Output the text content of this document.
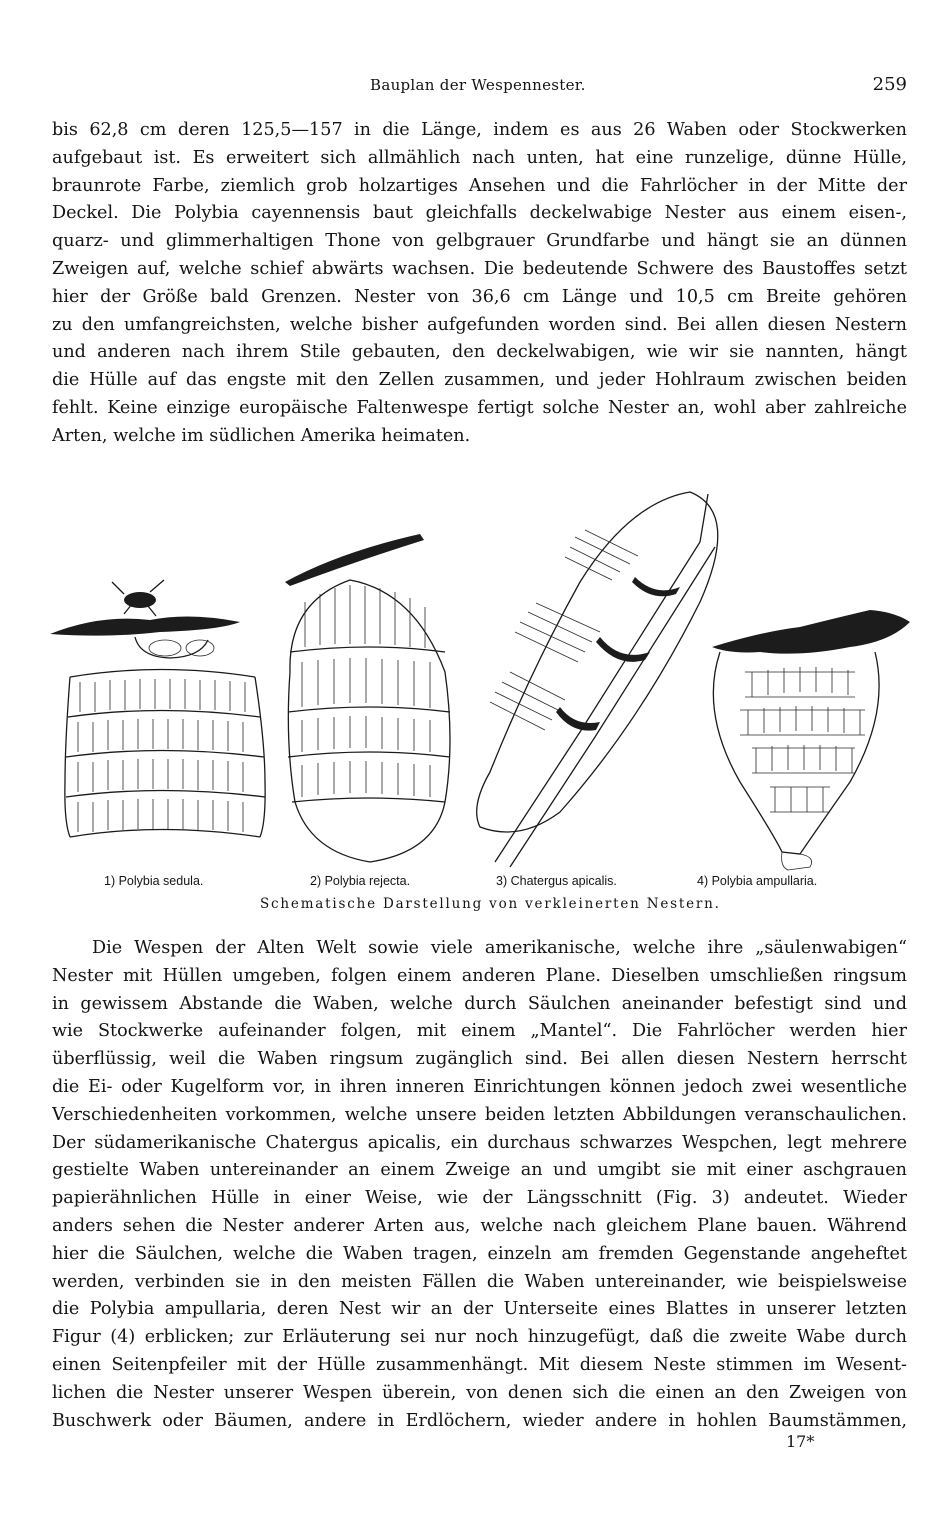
Bauplan der Wespennester.	259
bis 62,8 cm deren 125,5—157 in die Länge, indem es aus 26 Waben oder Stockwerken
aufgebaut ist. Es erweitert sich allmählich nach unten, hat eine runzelige, dünne Hülle,
braunrote Farbe, ziemlich grob holzartiges Ansehen und die Fahrlöcher in der Mitte der
Deckel. Die Polybia cayennensis baut gleichfalls deckelwabige Nester aus einem eisen-,
quarz- und glimmerhaltigen Thone von gelbgrauer Grundfarbe und hängt sie an dünnen
Zweigen auf, welche schief abwärts wachsen. Die bedeutende Schwere des Baustoffes setzt
hier der Größe bald Grenzen. Nester von 36,6 cm Länge und 10,5 cm Breite gehören
zu den umfangreichsten, welche bisher aufgefunden worden sind. Bei allen diesen Nestern
und anderen nach ihrem Stile gebauten, den deckelwabigen, wie wir sie nannten, hängt
die Hülle auf das engste mit den Zellen zusammen, und jeder Hohlraum zwischen beiden
fehlt. Keine einzige europäische Faltenwespe fertigt solche Nester an, wohl aber zahlreiche
Arten, welche im südlichen Amerika heimaten.
1) Polybia sedula.	2) Polybia rejecta.	3) Chatergus apicalis.	4) Polybia ampullaria.
Schematische Darstellung von verkleinerten Nestern.
Die Wespen der Alten Welt sowie viele amerikanische, welche ihre „säulenwabigen“
Nester mit Hüllen umgeben, folgen einem anderen Plane. Dieselben umschließen ringsum
in gewissem Abstande die Waben, welche durch Säulchen aneinander befestigt sind und
wie Stockwerke aufeinander folgen, mit einem „Mantel“. Die Fahrlöcher werden hier
überflüssig, weil die Waben ringsum zugänglich sind. Bei allen diesen Nestern herrscht
die Ei- oder Kugelform vor, in ihren inneren Einrichtungen können jedoch zwei wesentliche
Verschiedenheiten vorkommen, welche unsere beiden letzten Abbildungen veranschaulichen.
Der südamerikanische Chatergus apicalis, ein durchaus schwarzes Wespchen, legt mehrere
gestielte Waben untereinander an einem Zweige an und umgibt sie mit einer aschgrauen
papierähnlichen Hülle in einer Weise, wie der Längsschnitt (Fig. 3) andeutet. Wieder
anders sehen die Nester anderer Arten aus, welche nach gleichem Plane bauen. Während
hier die Säulchen, welche die Waben tragen, einzeln am fremden Gegenstande angeheftet
werden, verbinden sie in den meisten Fällen die Waben untereinander, wie beispielsweise
die Polybia ampullaria, deren Nest wir an der Unterseite eines Blattes in unserer letzten
Figur (4) erblicken; zur Erläuterung sei nur noch hinzugefügt, daß die zweite Wabe durch
einen Seitenpfeiler mit der Hülle zusammenhängt. Mit diesem Neste stimmen im Wesent-
lichen die Nester unserer Wespen überein, von denen sich die einen an den Zweigen von
Buschwerk oder Bäumen, andere in Erdlöchern, wieder andere in hohlen Baumstämmen,
17*
